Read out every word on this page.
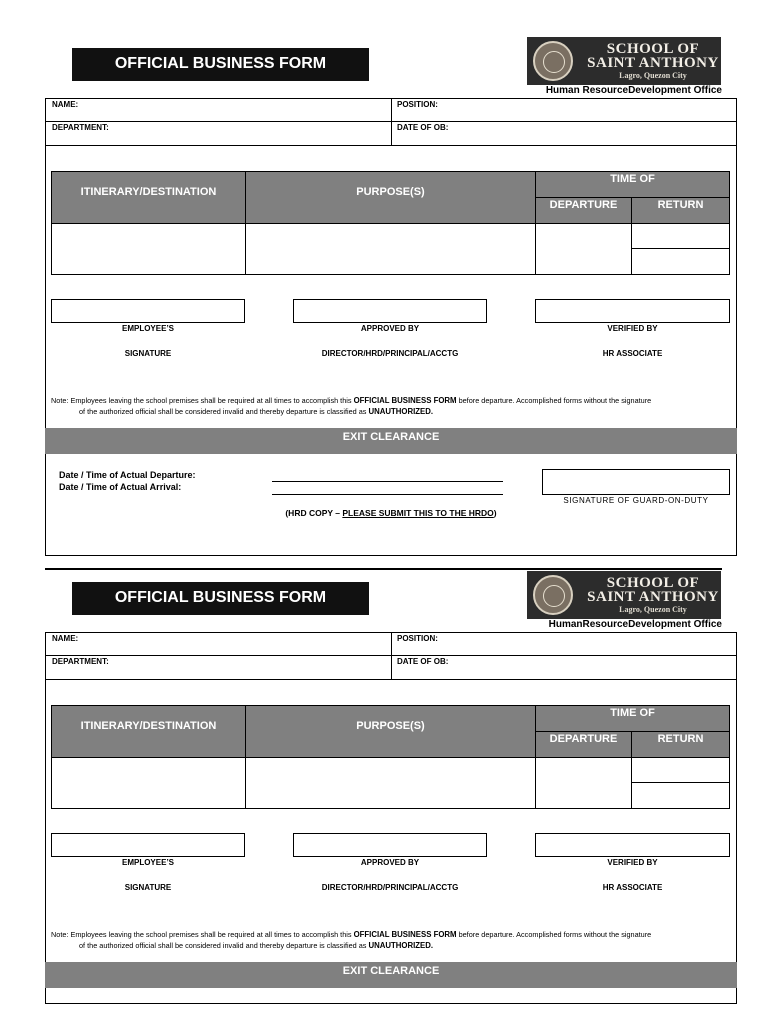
OFFICIAL BUSINESS FORM
SCHOOL OF
SAINT ANTHONY
Lagro, Quezon City
Human ResourceDevelopment Office
NAME:	POSITION:
DEPARTMENT:	DATE OF OB:
ITINERARY/DESTINATION	PURPOSE(S)
TIME OF
DEPARTURE	RETURN
EMPLOYEE’S
SIGNATURE
APPROVED BY
DIRECTOR/HRD/PRINCIPAL/ACCTG
VERIFIED BY
HR ASSOCIATE
Note: Employees leaving the school premises shall be required at all times to accomplish this OFFICIAL BUSINESS FORM before departure. Accomplished forms without the signature
of the authorized official shall be considered invalid and thereby departure is classified as UNAUTHORIZED.
EXIT CLEARANCE
Date / Time of Actual Departure:
Date / Time of Actual Arrival:
SIGNATURE OF GUARD-ON-DUTY
(HRD COPY – PLEASE SUBMIT THIS TO THE HRDO)
OFFICIAL BUSINESS FORM
SCHOOL OF
SAINT ANTHONY
Lagro, Quezon City
HumanResourceDevelopment Office
NAME:	POSITION:
DEPARTMENT:	DATE OF OB:
ITINERARY/DESTINATION	PURPOSE(S)
TIME OF
DEPARTURE	RETURN
EMPLOYEE’S
SIGNATURE
APPROVED BY
DIRECTOR/HRD/PRINCIPAL/ACCTG
VERIFIED BY
HR ASSOCIATE
Note: Employees leaving the school premises shall be required at all times to accomplish this OFFICIAL BUSINESS FORM before departure. Accomplished forms without the signature
of the authorized official shall be considered invalid and thereby departure is classified as UNAUTHORIZED.
EXIT CLEARANCE
